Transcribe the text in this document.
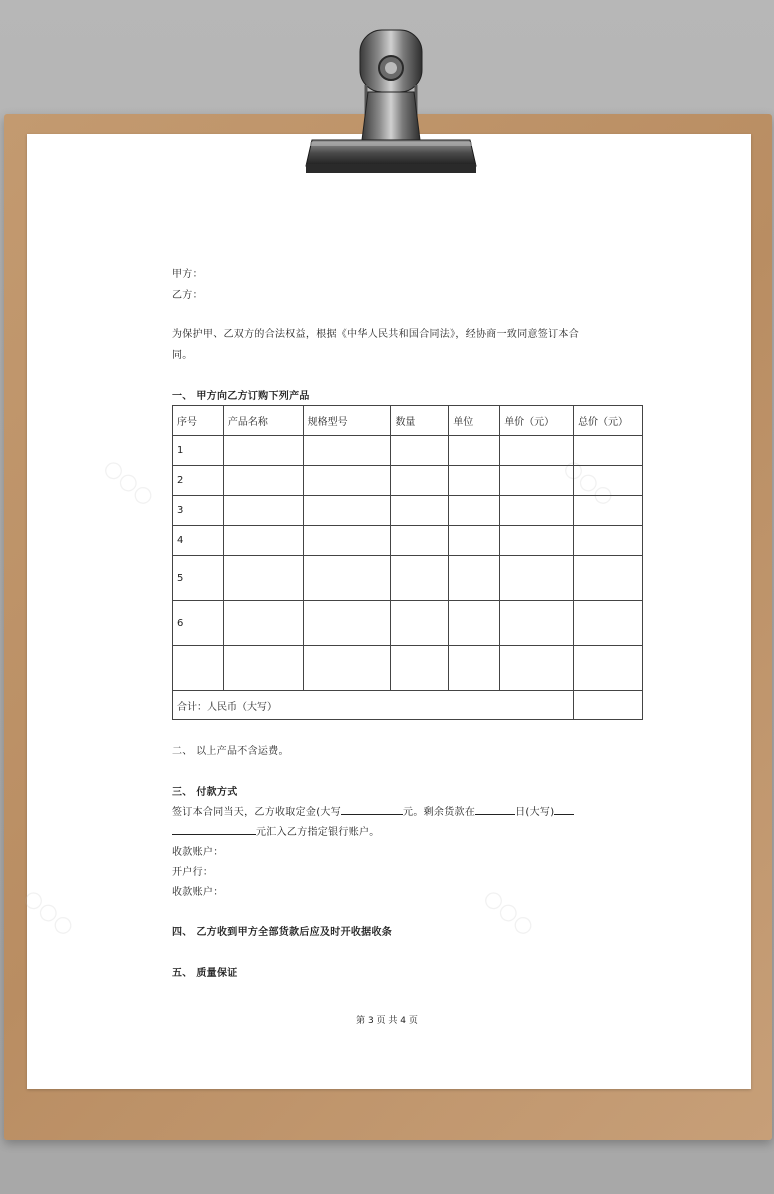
甲方：
乙方：
为保护甲、乙双方的合法权益，根据《中华人民共和国合同法》，经协商一致同意签订本合
同。
一、 甲方向乙方订购下列产品
序号	产品名称	规格型号	数量	单位	单价（元）	总价（元）
1						
2						
3						
4						
5						
6						

合计：人民币（大写）						
二、 以上产品不含运费。
三、 付款方式
签订本合同当天，乙方收取定金(大写	元。剩余货款在	日(大写)
元汇入乙方指定银行账户。
收款账户：
开户行：
收款账户：
四、 乙方收到甲方全部货款后应及时开收据收条
五、 质量保证
第 3 页 共 4 页
